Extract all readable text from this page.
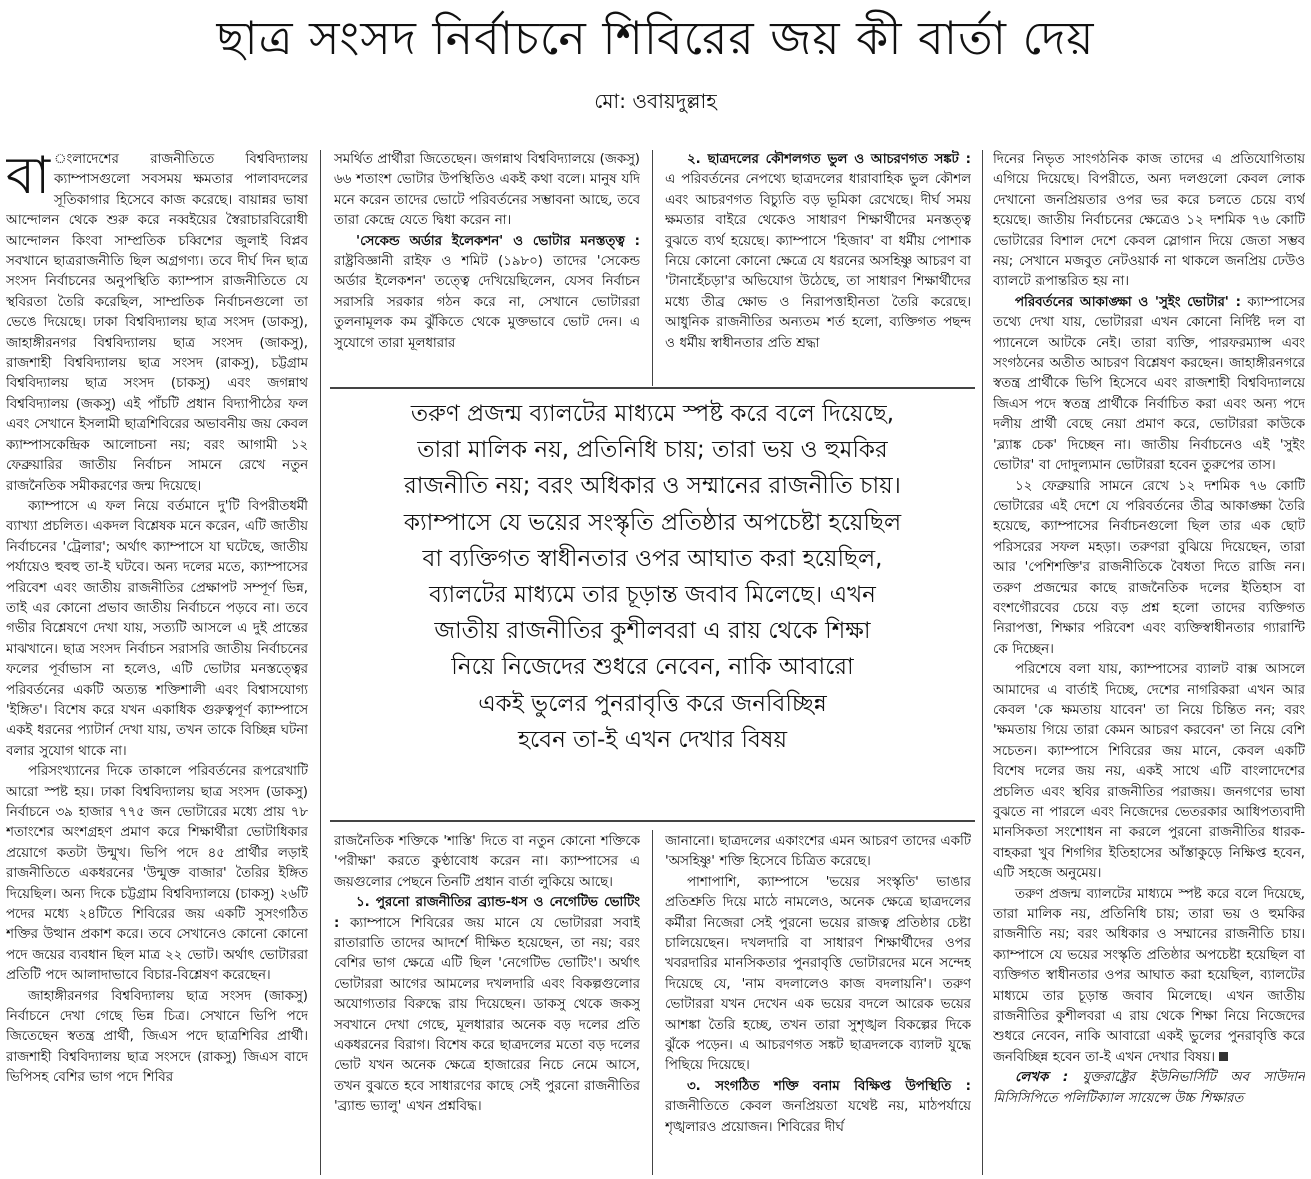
ছাত্র সংসদ নির্বাচনে শিবিরের জয় কী বার্তা দেয়
মো: ওবায়দুল্লাহ

বা ংলাদেশের রাজনীতিতে বিশ্ববিদ্যালয় ক্যাম্পাসগুলো সবসময় ক্ষমতার পালাবদলের সূতিকাগার হিসেবে কাজ করেছে। বায়ান্নর ভাষা আন্দোলন থেকে শুরু করে নব্বইয়ের স্বৈরাচারবিরোধী আন্দোলন কিংবা সাম্প্রতিক চব্বিশের জুলাই বিপ্লব সবখানে ছাত্ররাজনীতি ছিল অগ্রগণ্য। তবে দীর্ঘ দিন ছাত্র সংসদ নির্বাচনের অনুপস্থিতি ক্যাম্পাস রাজনীতিতে যে স্থবিরতা তৈরি করেছিল, সাম্প্রতিক নির্বাচনগুলো তা ভেঙে দিয়েছে। ঢাকা বিশ্ববিদ্যালয় ছাত্র সংসদ (ডাকসু), জাহাঙ্গীরনগর বিশ্ববিদ্যালয় ছাত্র সংসদ (জাকসু), রাজশাহী বিশ্ববিদ্যালয় ছাত্র সংসদ (রাকসু), চট্টগ্রাম বিশ্ববিদ্যালয় ছাত্র সংসদ (চাকসু) এবং জগন্নাথ বিশ্ববিদ্যালয় (জকসু) এই পাঁচটি প্রধান বিদ্যাপীঠের ফল এবং সেখানে ইসলামী ছাত্রশিবিরের অভাবনীয় জয় কেবল ক্যাম্পাসকেন্দ্রিক আলোচনা নয়; বরং আগামী ১২ ফেব্রুয়ারির জাতীয় নির্বাচন সামনে রেখে নতুন রাজনৈতিক সমীকরণের জন্ম দিয়েছে।

ক্যাম্পাসে এ ফল নিয়ে বর্তমানে দু'টি বিপরীতধর্মী ব্যাখ্যা প্রচলিত। একদল বিশ্লেষক মনে করেন, এটি জাতীয় নির্বাচনের 'ট্রেলার'; অর্থাৎ ক্যাম্পাসে যা ঘটেছে, জাতীয় পর্যায়েও হুবহু তা-ই ঘটবে। অন্য দলের মতে, ক্যাম্পাসের পরিবেশ এবং জাতীয় রাজনীতির প্রেক্ষাপট সম্পূর্ণ ভিন্ন, তাই এর কোনো প্রভাব জাতীয় নির্বাচনে পড়বে না। তবে গভীর বিশ্লেষণে দেখা যায়, সত্যটি আসলে এ দুই প্রান্তের মাঝখানে। ছাত্র সংসদ নির্বাচন সরাসরি জাতীয় নির্বাচনের ফলের পূর্বাভাস না হলেও, এটি ভোটার মনস্তত্ত্বের পরিবর্তনের একটি অত্যন্ত শক্তিশালী এবং বিশ্বাসযোগ্য 'ইঙ্গিত'। বিশেষ করে যখন একাধিক গুরুত্বপূর্ণ ক্যাম্পাসে একই ধরনের প্যাটার্ন দেখা যায়, তখন তাকে বিচ্ছিন্ন ঘটনা বলার সুযোগ থাকে না।

পরিসংখ্যানের দিকে তাকালে পরিবর্তনের রূপরেখাটি আরো স্পষ্ট হয়। ঢাকা বিশ্ববিদ্যালয় ছাত্র সংসদ (ডাকসু) নির্বাচনে ৩৯ হাজার ৭৭৫ জন ভোটারের মধ্যে প্রায় ৭৮ শতাংশের অংশগ্রহণ প্রমাণ করে শিক্ষার্থীরা ভোটাধিকার প্রয়োগে কতটা উন্মুখ। ভিপি পদে ৪৫ প্রার্থীর লড়াই রাজনীতিতে একধরনের 'উন্মুক্ত বাজার' তৈরির ইঙ্গিত দিয়েছিল। অন্য দিকে চট্টগ্রাম বিশ্ববিদ্যালয়ে (চাকসু) ২৬টি পদের মধ্যে ২৪টিতে শিবিরের জয় একটি সুসংগঠিত শক্তির উত্থান প্রকাশ করে। তবে সেখানেও কোনো কোনো পদে জয়ের ব্যবধান ছিল মাত্র ২২ ভোট। অর্থাৎ ভোটাররা প্রতিটি পদে আলাদাভাবে বিচার-বিশ্লেষণ করেছেন।

জাহাঙ্গীরনগর বিশ্ববিদ্যালয় ছাত্র সংসদ (জাকসু) নির্বাচনে দেখা গেছে ভিন্ন চিত্র। সেখানে ভিপি পদে জিতেছেন স্বতন্ত্র প্রার্থী, জিএস পদে ছাত্রশিবির প্রার্থী। রাজশাহী বিশ্ববিদ্যালয় ছাত্র সংসদে (রাকসু) জিএস বাদে ভিপিসহ বেশির ভাগ পদে শিবির

সমর্থিত প্রার্থীরা জিতেছেন। জগন্নাথ বিশ্ববিদ্যালয়ে (জকসু) ৬৬ শতাংশ ভোটার উপস্থিতিও একই কথা বলে। মানুষ যদি মনে করেন তাদের ভোটে পরিবর্তনের সম্ভাবনা আছে, তবে তারা কেন্দ্রে যেতে দ্বিধা করেন না।

'সেকেন্ড অর্ডার ইলেকশন' ও ভোটার মনস্তত্ত্ব : রাষ্ট্রবিজ্ঞানী রাইফ ও শমিট (১৯৮০) তাদের 'সেকেন্ড অর্ডার ইলেকশন' তত্ত্বে দেখিয়েছিলেন, যেসব নির্বাচন সরাসরি সরকার গঠন করে না, সেখানে ভোটাররা তুলনামূলক কম ঝুঁকিতে থেকে মুক্তভাবে ভোট দেন। এ সুযোগে তারা মূলধারার

২. ছাত্রদলের কৌশলগত ভুল ও আচরণগত সঙ্কট : এ পরিবর্তনের নেপথ্যে ছাত্রদলের ধারাবাহিক ভুল কৌশল এবং আচরণগত বিচ্যুতি বড় ভূমিকা রেখেছে। দীর্ঘ সময় ক্ষমতার বাইরে থেকেও সাধারণ শিক্ষার্থীদের মনস্তত্ত্ব বুঝতে ব্যর্থ হয়েছে। ক্যাম্পাসে 'হিজাব' বা ধর্মীয় পোশাক নিয়ে কোনো কোনো ক্ষেত্রে যে ধরনের অসহিষ্ণু আচরণ বা 'টানাহেঁচড়া'র অভিযোগ উঠেছে, তা সাধারণ শিক্ষার্থীদের মধ্যে তীব্র ক্ষোভ ও নিরাপত্তাহীনতা তৈরি করেছে। আধুনিক রাজনীতির অন্যতম শর্ত হলো, ব্যক্তিগত পছন্দ ও ধর্মীয় স্বাধীনতার প্রতি শ্রদ্ধা

তরুণ প্রজন্ম ব্যালটের মাধ্যমে স্পষ্ট করে বলে দিয়েছে,
তারা মালিক নয়, প্রতিনিধি চায়; তারা ভয় ও হুমকির
রাজনীতি নয়; বরং অধিকার ও সম্মানের রাজনীতি চায়।
ক্যাম্পাসে যে ভয়ের সংস্কৃতি প্রতিষ্ঠার অপচেষ্টা হয়েছিল
বা ব্যক্তিগত স্বাধীনতার ওপর আঘাত করা হয়েছিল,
ব্যালটের মাধ্যমে তার চূড়ান্ত জবাব মিলেছে। এখন
জাতীয় রাজনীতির কুশীলবরা এ রায় থেকে শিক্ষা
নিয়ে নিজেদের শুধরে নেবেন, নাকি আবারো
একই ভুলের পুনরাবৃত্তি করে জনবিচ্ছিন্ন
হবেন তা-ই এখন দেখার বিষয়

রাজনৈতিক শক্তিকে 'শাস্তি' দিতে বা নতুন কোনো শক্তিকে 'পরীক্ষা' করতে কুণ্ঠাবোধ করেন না। ক্যাম্পাসের এ জয়গুলোর পেছনে তিনটি প্রধান বার্তা লুকিয়ে আছে।

১. পুরনো রাজনীতির ব্র্যান্ড-ধস ও নেগেটিভ ভোটিং : ক্যাম্পাসে শিবিরের জয় মানে যে ভোটাররা সবাই রাতারাতি তাদের আদর্শে দীক্ষিত হয়েছেন, তা নয়; বরং বেশির ভাগ ক্ষেত্রে এটি ছিল 'নেগেটিভ ভোটিং'। অর্থাৎ ভোটাররা আগের আমলের দখলদারি এবং বিকল্পগুলোর অযোগ্যতার বিরুদ্ধে রায় দিয়েছেন। ডাকসু থেকে জকসু সবখানে দেখা গেছে, মূলধারার অনেক বড় দলের প্রতি একধরনের বিরাগ। বিশেষ করে ছাত্রদলের মতো বড় দলের ভোট যখন অনেক ক্ষেত্রে হাজারের নিচে নেমে আসে, তখন বুঝতে হবে সাধারণের কাছে সেই পুরনো রাজনীতির 'ব্র্যান্ড ভ্যালু' এখন প্রশ্নবিদ্ধ।

জানানো। ছাত্রদলের একাংশের এমন আচরণ তাদের একটি 'অসহিষ্ণু' শক্তি হিসেবে চিত্রিত করেছে।

পাশাপাশি, ক্যাম্পাসে 'ভয়ের সংস্কৃতি' ভাঙার প্রতিশ্রুতি দিয়ে মাঠে নামলেও, অনেক ক্ষেত্রে ছাত্রদলের কর্মীরা নিজেরা সেই পুরনো ভয়ের রাজত্ব প্রতিষ্ঠার চেষ্টা চালিয়েছেন। দখলদারি বা সাধারণ শিক্ষার্থীদের ওপর খবরদারির মানসিকতার পুনরাবৃত্তি ভোটারদের মনে সন্দেহ দিয়েছে যে, 'নাম বদলালেও কাজ বদলায়নি'। তরুণ ভোটাররা যখন দেখেন এক ভয়ের বদলে আরেক ভয়ের আশঙ্কা তৈরি হচ্ছে, তখন তারা সুশৃঙ্খল বিকল্পের দিকে ঝুঁকে পড়েন। এ আচরণগত সঙ্কট ছাত্রদলকে ব্যালট যুদ্ধে পিছিয়ে দিয়েছে।

৩. সংগঠিত শক্তি বনাম বিক্ষিপ্ত উপস্থিতি : রাজনীতিতে কেবল জনপ্রিয়তা যথেষ্ট নয়, মাঠপর্যায়ে শৃঙ্খলারও প্রয়োজন। শিবিরের দীর্ঘ

দিনের নিভৃত সাংগঠনিক কাজ তাদের এ প্রতিযোগিতায় এগিয়ে দিয়েছে। বিপরীতে, অন্য দলগুলো কেবল লোক দেখানো জনপ্রিয়তার ওপর ভর করে চলতে চেয়ে ব্যর্থ হয়েছে। জাতীয় নির্বাচনের ক্ষেত্রেও ১২ দশমিক ৭৬ কোটি ভোটারের বিশাল দেশে কেবল স্লোগান দিয়ে জেতা সম্ভব নয়; সেখানে মজবুত নেটওয়ার্ক না থাকলে জনপ্রিয় ঢেউও ব্যালটে রূপান্তরিত হয় না।

পরিবর্তনের আকাঙ্ক্ষা ও 'সুইং ভোটার' : ক্যাম্পাসের তথ্যে দেখা যায়, ভোটাররা এখন কোনো নির্দিষ্ট দল বা প্যানেলে আটকে নেই। তারা ব্যক্তি, পারফরম্যান্স এবং সংগঠনের অতীত আচরণ বিশ্লেষণ করছেন। জাহাঙ্গীরনগরে স্বতন্ত্র প্রার্থীকে ভিপি হিসেবে এবং রাজশাহী বিশ্ববিদ্যালয়ে জিএস পদে স্বতন্ত্র প্রার্থীকে নির্বাচিত করা এবং অন্য পদে দলীয় প্রার্থী বেছে নেয়া প্রমাণ করে, ভোটাররা কাউকে 'ব্ল্যাঙ্ক চেক' দিচ্ছেন না। জাতীয় নির্বাচনেও এই 'সুইং ভোটার' বা দোদুল্যমান ভোটাররা হবেন তুরুপের তাস।

১২ ফেব্রুয়ারি সামনে রেখে ১২ দশমিক ৭৬ কোটি ভোটারের এই দেশে যে পরিবর্তনের তীব্র আকাঙ্ক্ষা তৈরি হয়েছে, ক্যাম্পাসের নির্বাচনগুলো ছিল তার এক ছোট পরিসরের সফল মহড়া। তরুণরা বুঝিয়ে দিয়েছেন, তারা আর 'পেশিশক্তি'র রাজনীতিকে বৈধতা দিতে রাজি নন। তরুণ প্রজন্মের কাছে রাজনৈতিক দলের ইতিহাস বা বংশগৌরবের চেয়ে বড় প্রশ্ন হলো তাদের ব্যক্তিগত নিরাপত্তা, শিক্ষার পরিবেশ এবং ব্যক্তিস্বাধীনতার গ্যারান্টি কে দিচ্ছেন।

পরিশেষে বলা যায়, ক্যাম্পাসের ব্যালট বাক্স আসলে আমাদের এ বার্তাই দিচ্ছে, দেশের নাগরিকরা এখন আর কেবল 'কে ক্ষমতায় যাবেন' তা নিয়ে চিন্তিত নন; বরং 'ক্ষমতায় গিয়ে তারা কেমন আচরণ করবেন' তা নিয়ে বেশি সচেতন। ক্যাম্পাসে শিবিরের জয় মানে, কেবল একটি বিশেষ দলের জয় নয়, একই সাথে এটি বাংলাদেশের প্রচলিত এবং স্থবির রাজনীতির পরাজয়। জনগণের ভাষা বুঝতে না পারলে এবং নিজেদের ভেতরকার আধিপত্যবাদী মানসিকতা সংশোধন না করলে পুরনো রাজনীতির ধারক-বাহকরা খুব শিগগির ইতিহাসের আঁস্তাকুড়ে নিক্ষিপ্ত হবেন, এটি সহজে অনুমেয়।

তরুণ প্রজন্ম ব্যালটের মাধ্যমে স্পষ্ট করে বলে দিয়েছে, তারা মালিক নয়, প্রতিনিধি চায়; তারা ভয় ও হুমকির রাজনীতি নয়; বরং অধিকার ও সম্মানের রাজনীতি চায়। ক্যাম্পাসে যে ভয়ের সংস্কৃতি প্রতিষ্ঠার অপচেষ্টা হয়েছিল বা ব্যক্তিগত স্বাধীনতার ওপর আঘাত করা হয়েছিল, ব্যালটের মাধ্যমে তার চূড়ান্ত জবাব মিলেছে। এখন জাতীয় রাজনীতির কুশীলবরা এ রায় থেকে শিক্ষা নিয়ে নিজেদের শুধরে নেবেন, নাকি আবারো একই ভুলের পুনরাবৃত্তি করে জনবিচ্ছিন্ন হবেন তা-ই এখন দেখার বিষয়।

লেখক : যুক্তরাষ্ট্রের ইউনিভার্সিটি অব সাউদার্ন মিসিসিপিতে পলিটিক্যাল সায়েন্সে উচ্চ শিক্ষারত
